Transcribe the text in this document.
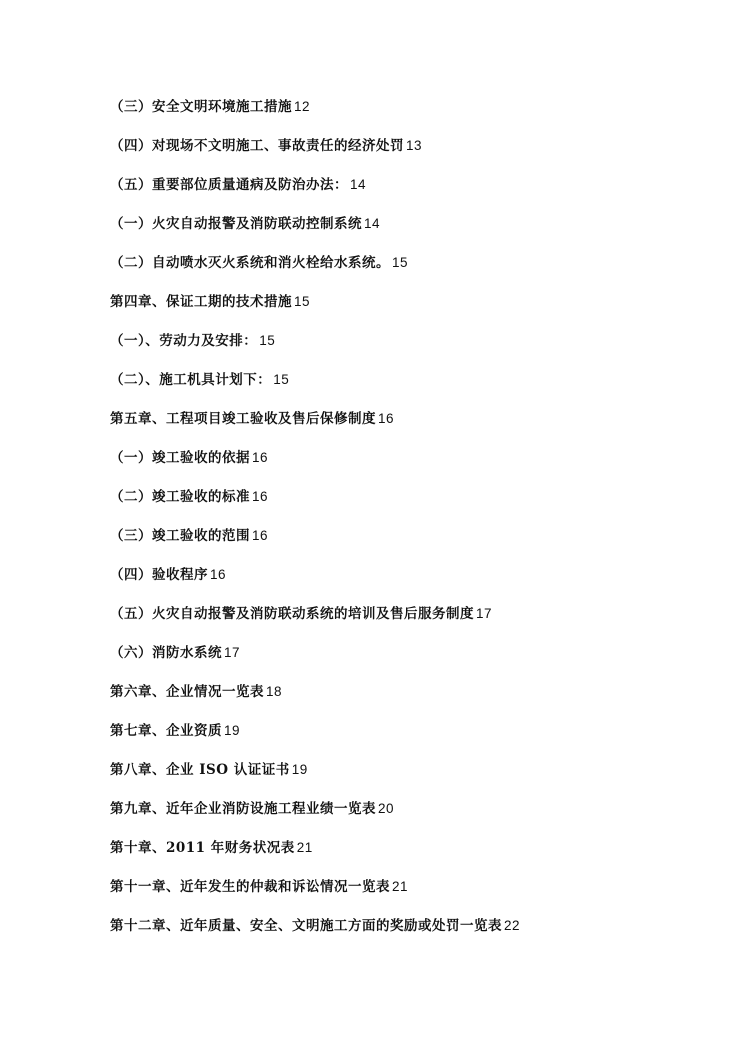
（三）安全文明环境施工措施 12
（四）对现场不文明施工、事故责任的经济处罚 13
（五）重要部位质量通病及防治办法： 14
（一）火灾自动报警及消防联动控制系统 14
（二）自动喷水灭火系统和消火栓给水系统。 15
第四章、保证工期的技术措施 15
（一）、劳动力及安排： 15
（二）、施工机具计划下： 15
第五章、工程项目竣工验收及售后保修制度 16
（一）竣工验收的依据 16
（二）竣工验收的标准 16
（三）竣工验收的范围 16
（四）验收程序 16
（五）火灾自动报警及消防联动系统的培训及售后服务制度 17
（六）消防水系统 17
第六章、企业情况一览表 18
第七章、企业资质 19
第八章、企业 ISO 认证证书 19
第九章、近年企业消防设施工程业绩一览表 20
第十章、2011 年财务状况表 21
第十一章、近年发生的仲裁和诉讼情况一览表 21
第十二章、近年质量、安全、文明施工方面的奖励或处罚一览表 22
